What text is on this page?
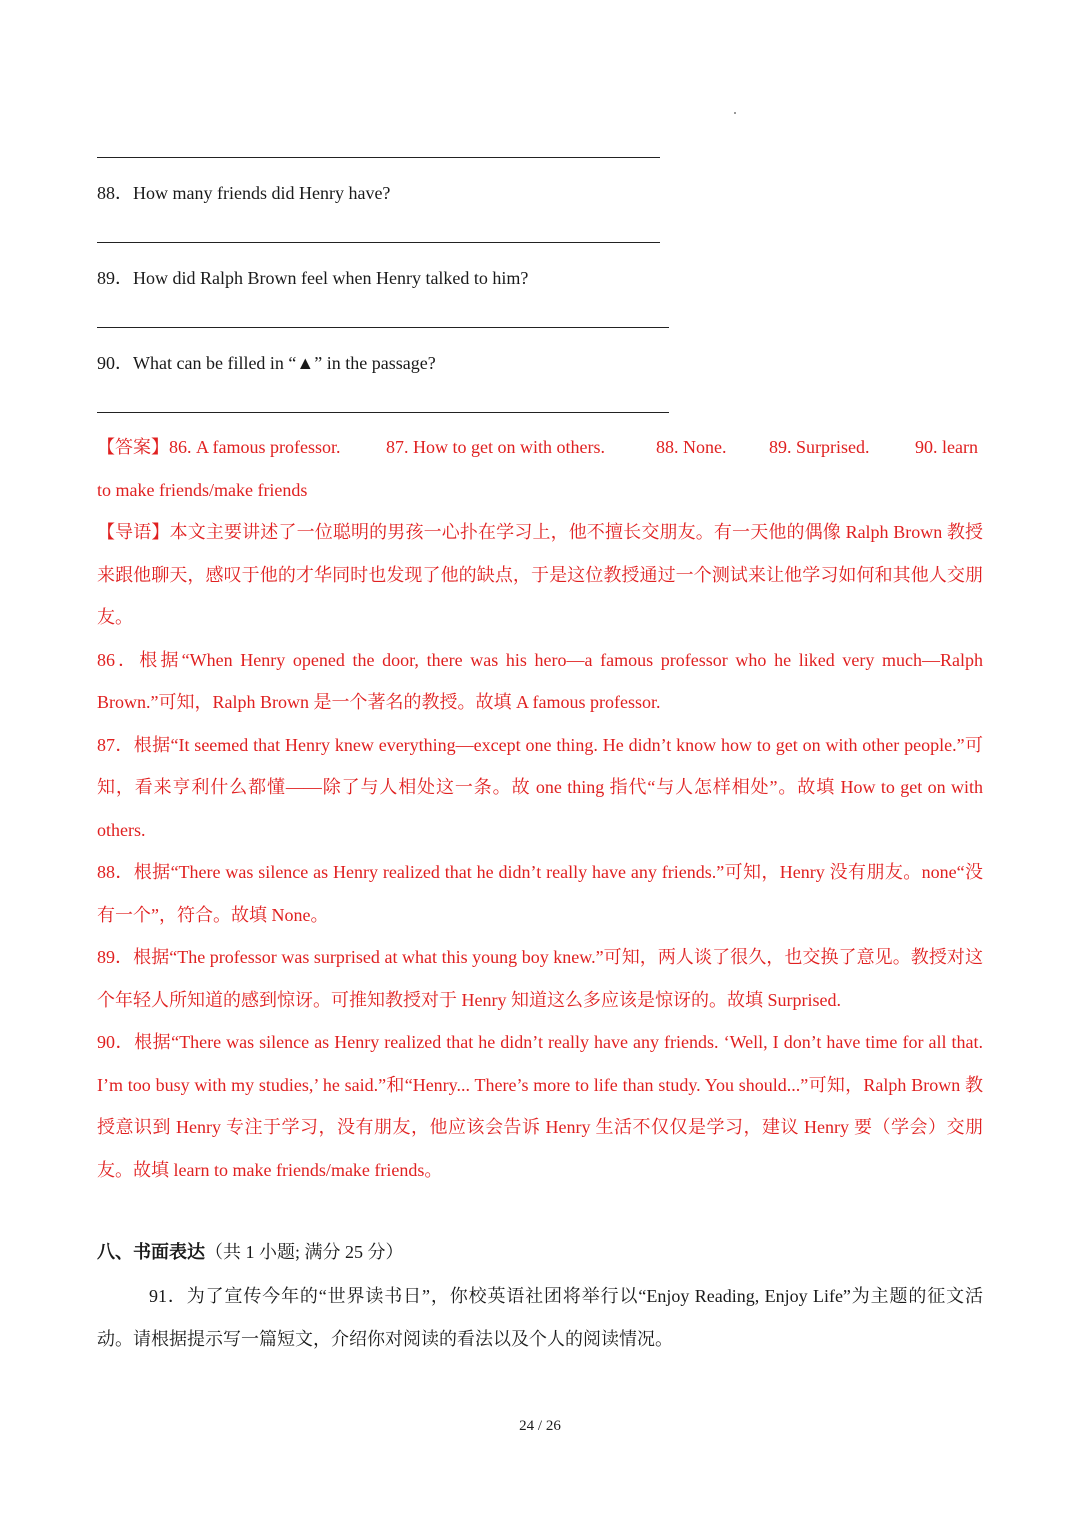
88．How many friends did Henry have?
89．How did Ralph Brown feel when Henry talked to him?
90．What can be filled in “▲” in the passage?
【答案】86. A famous professor.	87. How to get on with others.	88. None.	89. Surprised.	90. learn

to make friends/make friends

【导语】本文主要讲述了一位聪明的男孩一心扑在学习上，他不擅长交朋友。有一天他的偶像 Ralph Brown 教授来跟他聊天，感叹于他的才华同时也发现了他的缺点，于是这位教授通过一个测试来让他学习如何和其他人交朋友。

86．根据“When Henry opened the door, there was his hero—a famous professor who he liked very much—Ralph Brown.”可知，Ralph Brown 是一个著名的教授。故填 A famous professor.

87．根据“It seemed that Henry knew everything—except one thing. He didn’t know how to get on with other people.”可知，看来亨利什么都懂——除了与人相处这一条。故 one thing 指代“与人怎样相处”。故填 How to get on with others.

88．根据“There was silence as Henry realized that he didn’t really have any friends.”可知，Henry 没有朋友。none“没有一个”，符合。故填 None。

89．根据“The professor was surprised at what this young boy knew.”可知，两人谈了很久，也交换了意见。教授对这个年轻人所知道的感到惊讶。可推知教授对于 Henry 知道这么多应该是惊讶的。故填 Surprised.

90．根据“There was silence as Henry realized that he didn’t really have any friends. ‘Well, I don’t have time for all that. I’m too busy with my studies,’ he said.”和“Henry... There’s more to life than study. You should...”可知，Ralph Brown 教授意识到 Henry 专注于学习，没有朋友，他应该会告诉 Henry 生活不仅仅是学习，建议 Henry 要（学会）交朋友。故填 learn to make friends/make friends。

八、书面表达（共 1 小题; 满分 25 分）

91．为了宣传今年的“世界读书日”，你校英语社团将举行以“Enjoy Reading, Enjoy Life”为主题的征文活动。请根据提示写一篇短文，介绍你对阅读的看法以及个人的阅读情况。

24 / 26
